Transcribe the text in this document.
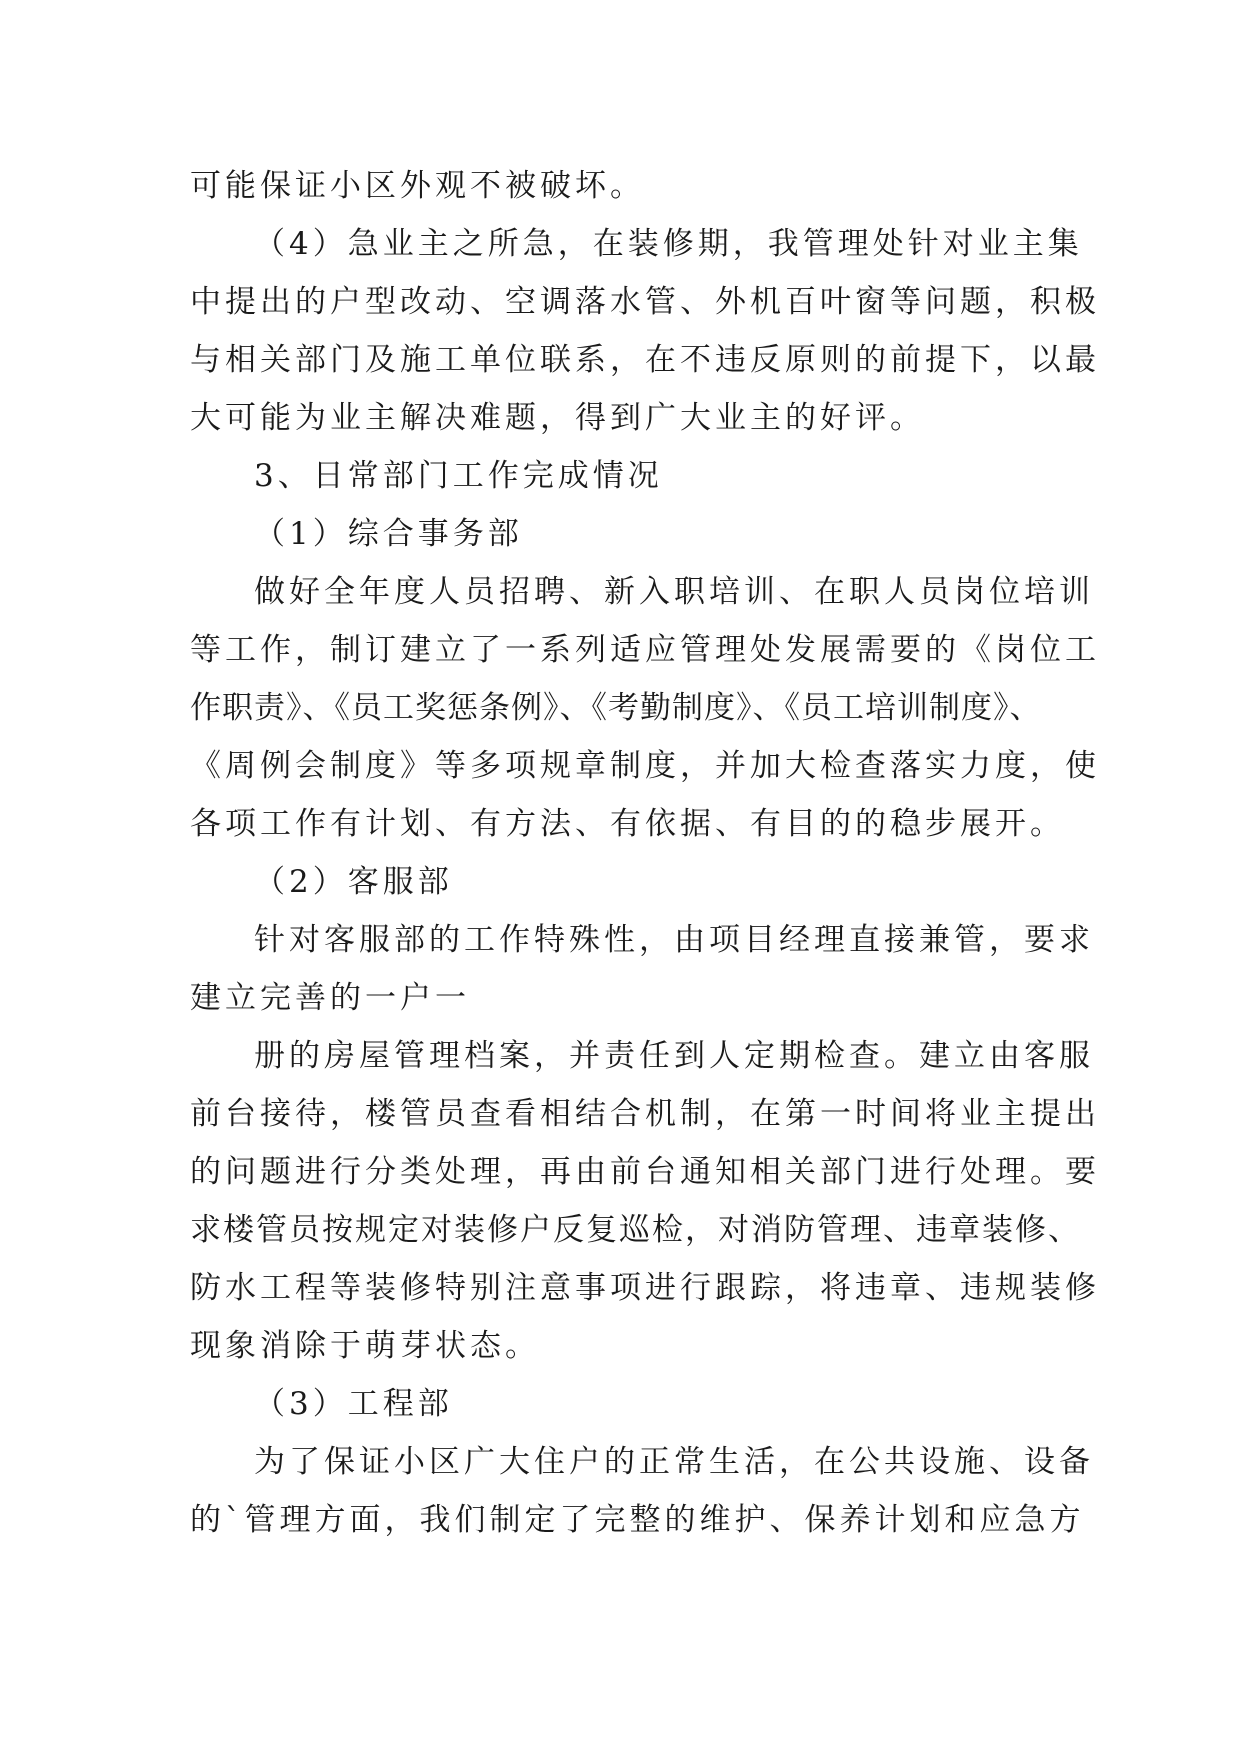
可能保证小区外观不被破坏。
（4）急业主之所急，在装修期，我管理处针对业主集
中提出的户型改动、空调落水管、外机百叶窗等问题，积极
与相关部门及施工单位联系，在不违反原则的前提下，以最
大可能为业主解决难题，得到广大业主的好评。
3、日常部门工作完成情况
（1）综合事务部
做好全年度人员招聘、新入职培训、在职人员岗位培训
等工作，制订建立了一系列适应管理处发展需要的《岗位工
作职责》、《员工奖惩条例》、《考勤制度》、《员工培训制度》、
《周例会制度》等多项规章制度，并加大检查落实力度，使
各项工作有计划、有方法、有依据、有目的的稳步展开。
（2）客服部
针对客服部的工作特殊性，由项目经理直接兼管，要求
建立完善的一户一
册的房屋管理档案，并责任到人定期检查。建立由客服
前台接待，楼管员查看相结合机制，在第一时间将业主提出
的问题进行分类处理，再由前台通知相关部门进行处理。要
求楼管员按规定对装修户反复巡检，对消防管理、违章装修、
防水工程等装修特别注意事项进行跟踪，将违章、违规装修
现象消除于萌芽状态。
（3）工程部
为了保证小区广大住户的正常生活，在公共设施、设备
的`管理方面，我们制定了完整的维护、保养计划和应急方
